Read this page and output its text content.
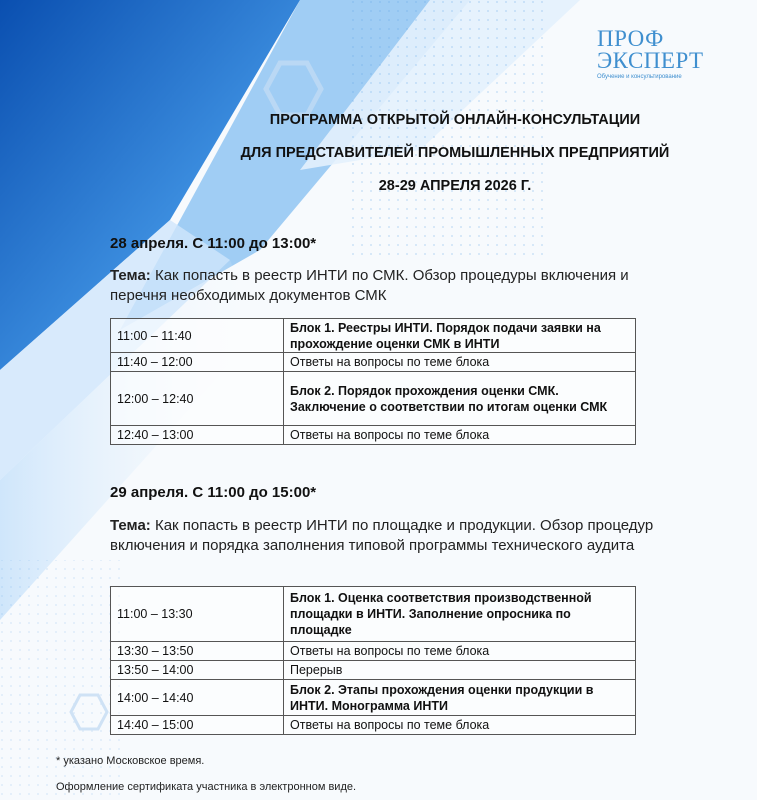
ПРОФ
ЭКСПЕРТ
Обучение и консультирование
ПРОГРАММА ОТКРЫТОЙ ОНЛАЙН-КОНСУЛЬТАЦИИ
ДЛЯ ПРЕДСТАВИТЕЛЕЙ ПРОМЫШЛЕННЫХ ПРЕДПРИЯТИЙ
28-29 АПРЕЛЯ 2026 Г.
28 апреля. С 11:00 до 13:00*
Тема: Как попасть в реестр ИНТИ по СМК. Обзор процедуры включения и перечня необходимых документов СМК
11:00 – 11:40	Блок 1. Реестры ИНТИ. Порядок подачи заявки на прохождение оценки СМК в ИНТИ
11:40 – 12:00	Ответы на вопросы по теме блока
12:00 – 12:40	Блок 2. Порядок прохождения оценки СМК. Заключение о соответствии по итогам оценки СМК
12:40 – 13:00	Ответы на вопросы по теме блока
29 апреля. С 11:00 до 15:00*
Тема: Как попасть в реестр ИНТИ по площадке и продукции. Обзор процедур включения и порядка заполнения типовой программы технического аудита
11:00 – 13:30	Блок 1. Оценка соответствия производственной площадки в ИНТИ. Заполнение опросника по площадке
13:30 – 13:50	Ответы на вопросы по теме блока
13:50 – 14:00	Перерыв
14:00 – 14:40	Блок 2. Этапы прохождения оценки продукции в ИНТИ. Монограмма ИНТИ
14:40 – 15:00	Ответы на вопросы по теме блока
* указано Московское время.
Оформление сертификата участника в электронном виде.
